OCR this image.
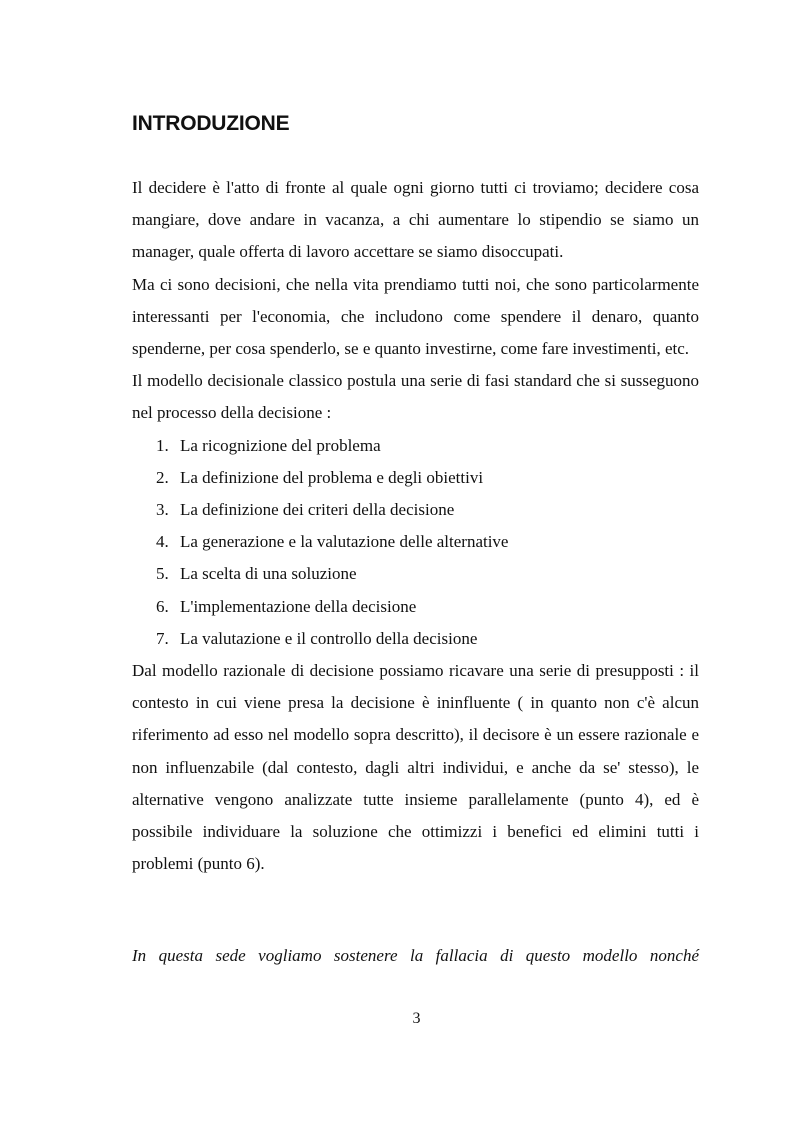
INTRODUZIONE

Il decidere è l'atto di fronte al quale ogni giorno tutti ci troviamo; decidere cosa mangiare, dove andare in vacanza, a chi aumentare lo stipendio se siamo un manager, quale offerta di lavoro accettare se siamo disoccupati.

Ma ci sono decisioni, che nella vita prendiamo tutti noi, che sono particolarmente interessanti per l'economia, che includono come spendere il denaro, quanto spenderne, per cosa spenderlo, se e quanto investirne, come fare investimenti, etc.

Il modello decisionale classico postula una serie di fasi standard che si susseguono nel processo della decisione :

1. La ricognizione del problema
2. La definizione del problema e degli obiettivi
3. La definizione dei criteri della decisione
4. La generazione e la valutazione delle alternative
5. La scelta di una soluzione
6. L'implementazione della decisione
7. La valutazione e il controllo della decisione

Dal modello razionale di decisione possiamo ricavare una serie di presupposti : il contesto in cui viene presa la decisione è ininfluente ( in quanto non c'è alcun riferimento ad esso nel modello sopra descritto), il decisore è un essere razionale e non influenzabile (dal contesto, dagli altri individui, e anche da se' stesso), le alternative vengono analizzate tutte insieme parallelamente (punto 4), ed è possibile individuare la soluzione che ottimizzi i benefici ed elimini tutti i problemi (punto 6).

In questa sede vogliamo sostenere la fallacia di questo modello nonché

3
